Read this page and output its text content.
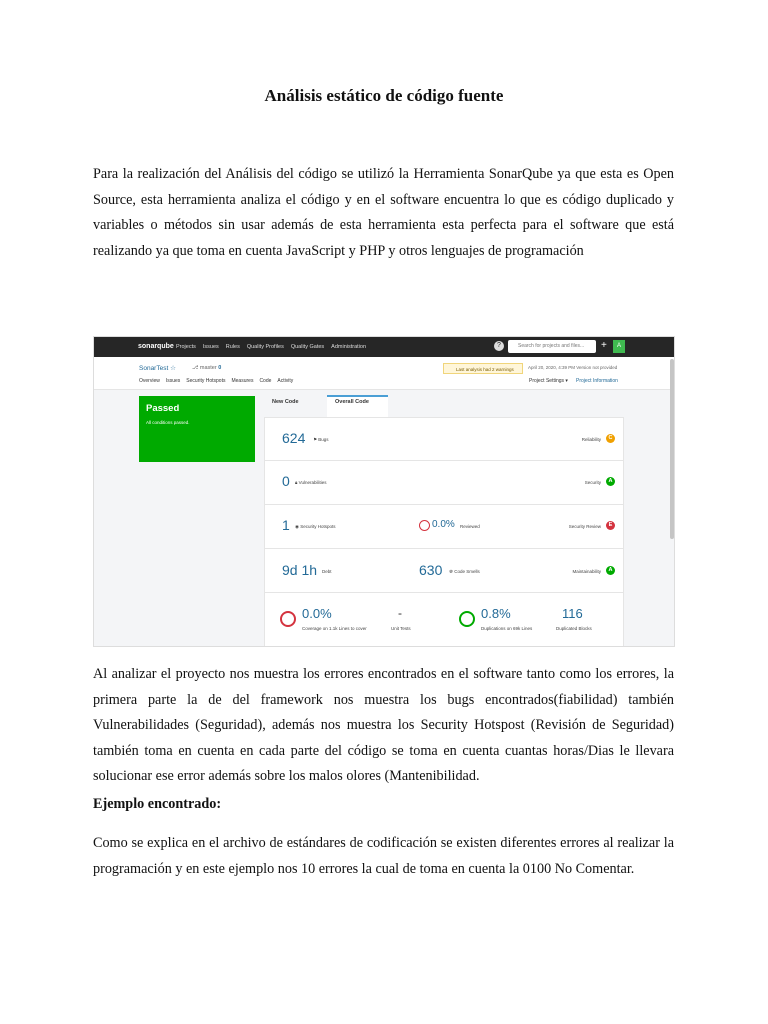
Análisis estático de código fuente

Para la realización del Análisis del código se utilizó la Herramienta SonarQube ya que esta es Open Source, esta herramienta analiza el código y en el software encuentra lo que es código duplicado y variables o métodos sin usar además de esta herramienta esta perfecta para el software que está realizando ya que toma en cuenta JavaScript y PHP y otros lenguajes de programación

sonarqube Projects Issues Rules Quality Profiles Quality Gates Administration	?	Search for projects and files...	+	A
SonarTest ☆	⎇ master 0
Overview Issues Security Hotspots Measures Code Activity
Last analysis had 2 warnings	April 20, 2020, 4:39 PM Version not provided
Project Settings ▾ Project Information
Passed
All conditions passed.
New Code	Overall Code
624 ⚑ Bugs	Reliability	C
0 🔒︎ Vulnerabilities	Security	A
1 ◉ Security Hotspots	0.0% Reviewed	Security Review	E
9d 1h Debt	630 ☢︎ Code Smells	Maintainability	A
0.0%
Coverage on 1.1k Lines to cover
-
Unit Tests
0.8%
Duplications on 69k Lines
116
Duplicated Blocks

Al analizar el proyecto nos muestra los errores encontrados en el software tanto como los errores, la primera parte la de del framework nos muestra los bugs encontrados(fiabilidad) también Vulnerabilidades (Seguridad), además nos muestra los Security Hotspost (Revisión de Seguridad) también toma en cuenta en cada parte del código se toma en cuenta cuantas horas/Dias le llevara solucionar ese error además sobre los malos olores (Mantenibilidad.

Ejemplo encontrado:

Como se explica en el archivo de estándares de codificación se existen diferentes errores al realizar la programación y en este ejemplo nos 10 errores la cual de toma en cuenta la 0100 No Comentar.
